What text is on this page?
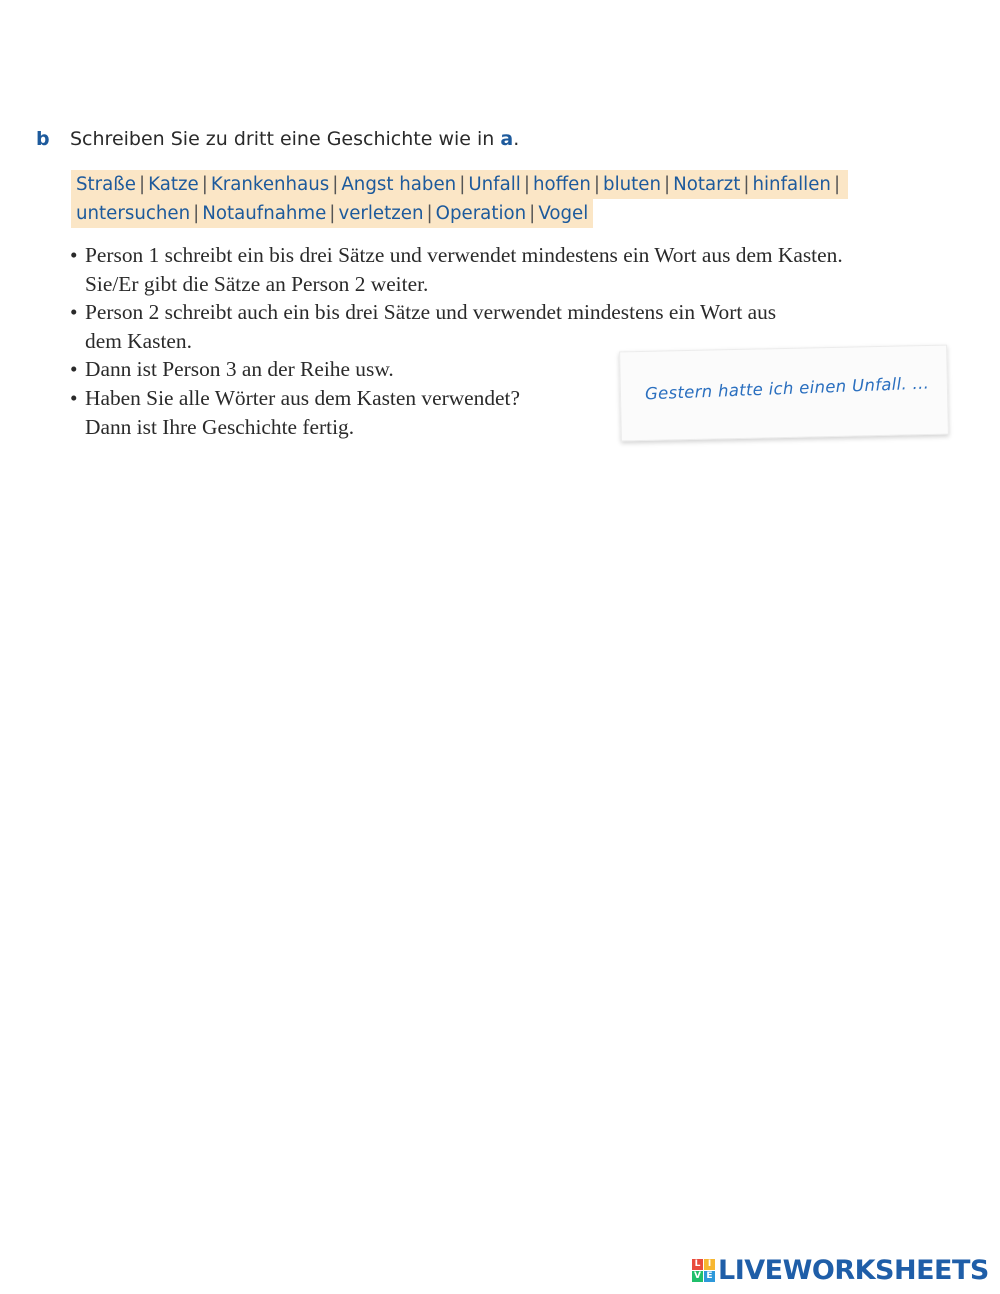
b Schreiben Sie zu dritt eine Geschichte wie in a.
Straße | Katze | Krankenhaus | Angst haben | Unfall | hoffen | bluten | Notarzt | hinfallen |
untersuchen | Notaufnahme | verletzen | Operation | Vogel
• Person 1 schreibt ein bis drei Sätze und verwendet mindestens ein Wort aus dem Kasten.
Sie/Er gibt die Sätze an Person 2 weiter.
• Person 2 schreibt auch ein bis drei Sätze und verwendet mindestens ein Wort aus
dem Kasten.
• Dann ist Person 3 an der Reihe usw.
• Haben Sie alle Wörter aus dem Kasten verwendet?
Dann ist Ihre Geschichte fertig.
Gestern hatte ich einen Unfall. ...
L I
V E LIVEWORKSHEETS
